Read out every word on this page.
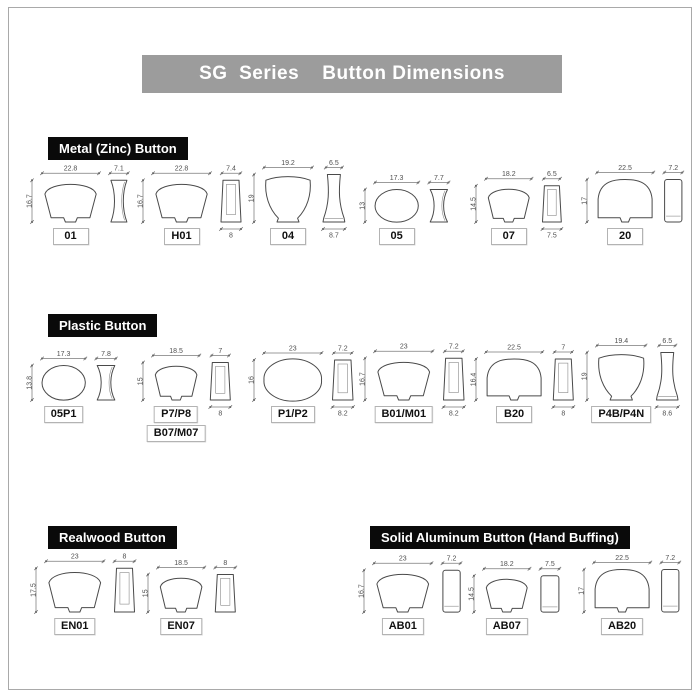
SG  Series    Button Dimensions
Metal (Zinc) Button
22.8
16.7
7.1
01
22.8
16.7
7.4
8
H01
19.2
19
6.5
8.7
04
17.3
13
7.7
05
18.2
14.5
6.5
7.5
07
22.5
17
7.2
20
Plastic Button
17.3
13.8
7.8
05P1
18.5
15
7
8
P7/P8
B07/M07
23
16
7.2
8.2
P1/P2
23
16.7
7.2
8.2
B01/M01
22.5
16.4
7
8
B20
19.4
19
6.5
8.6
P4B/P4N
Realwood Button
23
17.5
8
EN01
18.5
15
8
EN07
Solid Aluminum Button (Hand Buffing)
23
16.7
7.2
AB01
18.2
14.5
7.5
AB07
22.5
17
7.2
AB20
